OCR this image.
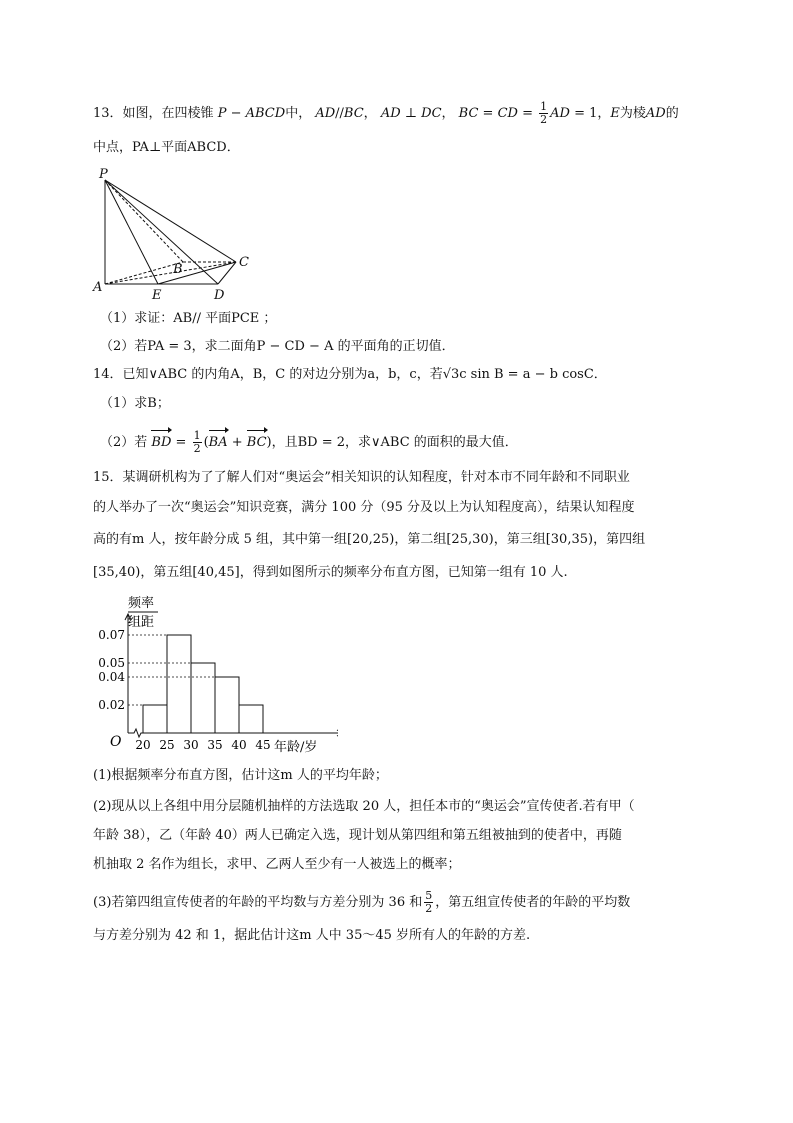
13．如图，在四棱锥 P − ABCD中， AD//BC， AD ⊥ DC， BC = CD = $\frac{1}{2}$ AD = 1，E为棱AD的
中点，PA⊥平面ABCD．
P
A
E	D
B	C
（1）求证：AB// 平面PCE ；
（2）若PA = 3，求二面角P − CD − A 的平面角的正切值．
14．已知∨ABC 的内角A，B，C 的对边分别为a，b，c，若√3c sin B = a − b cosC．
（1）求B；
（2）若 BD = $\frac{1}{2} (BA + BC)$，且BD = 2，求∨ABC 的面积的最大值．
15．某调研机构为了了解人们对“奥运会”相关知识的认知程度，针对本市不同年龄和不同职业
的人举办了一次“奥运会”知识竞赛，满分 100 分（95 分及以上为认知程度高），结果认知程度
高的有m 人，按年龄分成 5 组，其中第一组[20,25)，第二组[25,30)，第三组[30,35)，第四组
[35,40)，第五组[40,45]，得到如图所示的频率分布直方图，已知第一组有 10 人.
频率
组距
O	年龄/岁
0.07
0.05
0.04
0.02
20 25 30 35 40 45
(1)根据频率分布直方图，估计这m 人的平均年龄；
(2)现从以上各组中用分层随机抽样的方法选取 20 人，担任本市的“奥运会”宣传使者.若有甲（
年龄 38），乙（年龄 40）两人已确定入选，现计划从第四组和第五组被抽到的使者中，再随
机抽取 2 名作为组长，求甲、乙两人至少有一人被选上的概率；
(3)若第四组宣传使者的年龄的平均数与方差分别为 36 和 $\frac{5}{2}$ ，第五组宣传使者的年龄的平均数
与方差分别为 42 和 1，据此估计这m 人中 35～45 岁所有人的年龄的方差.
